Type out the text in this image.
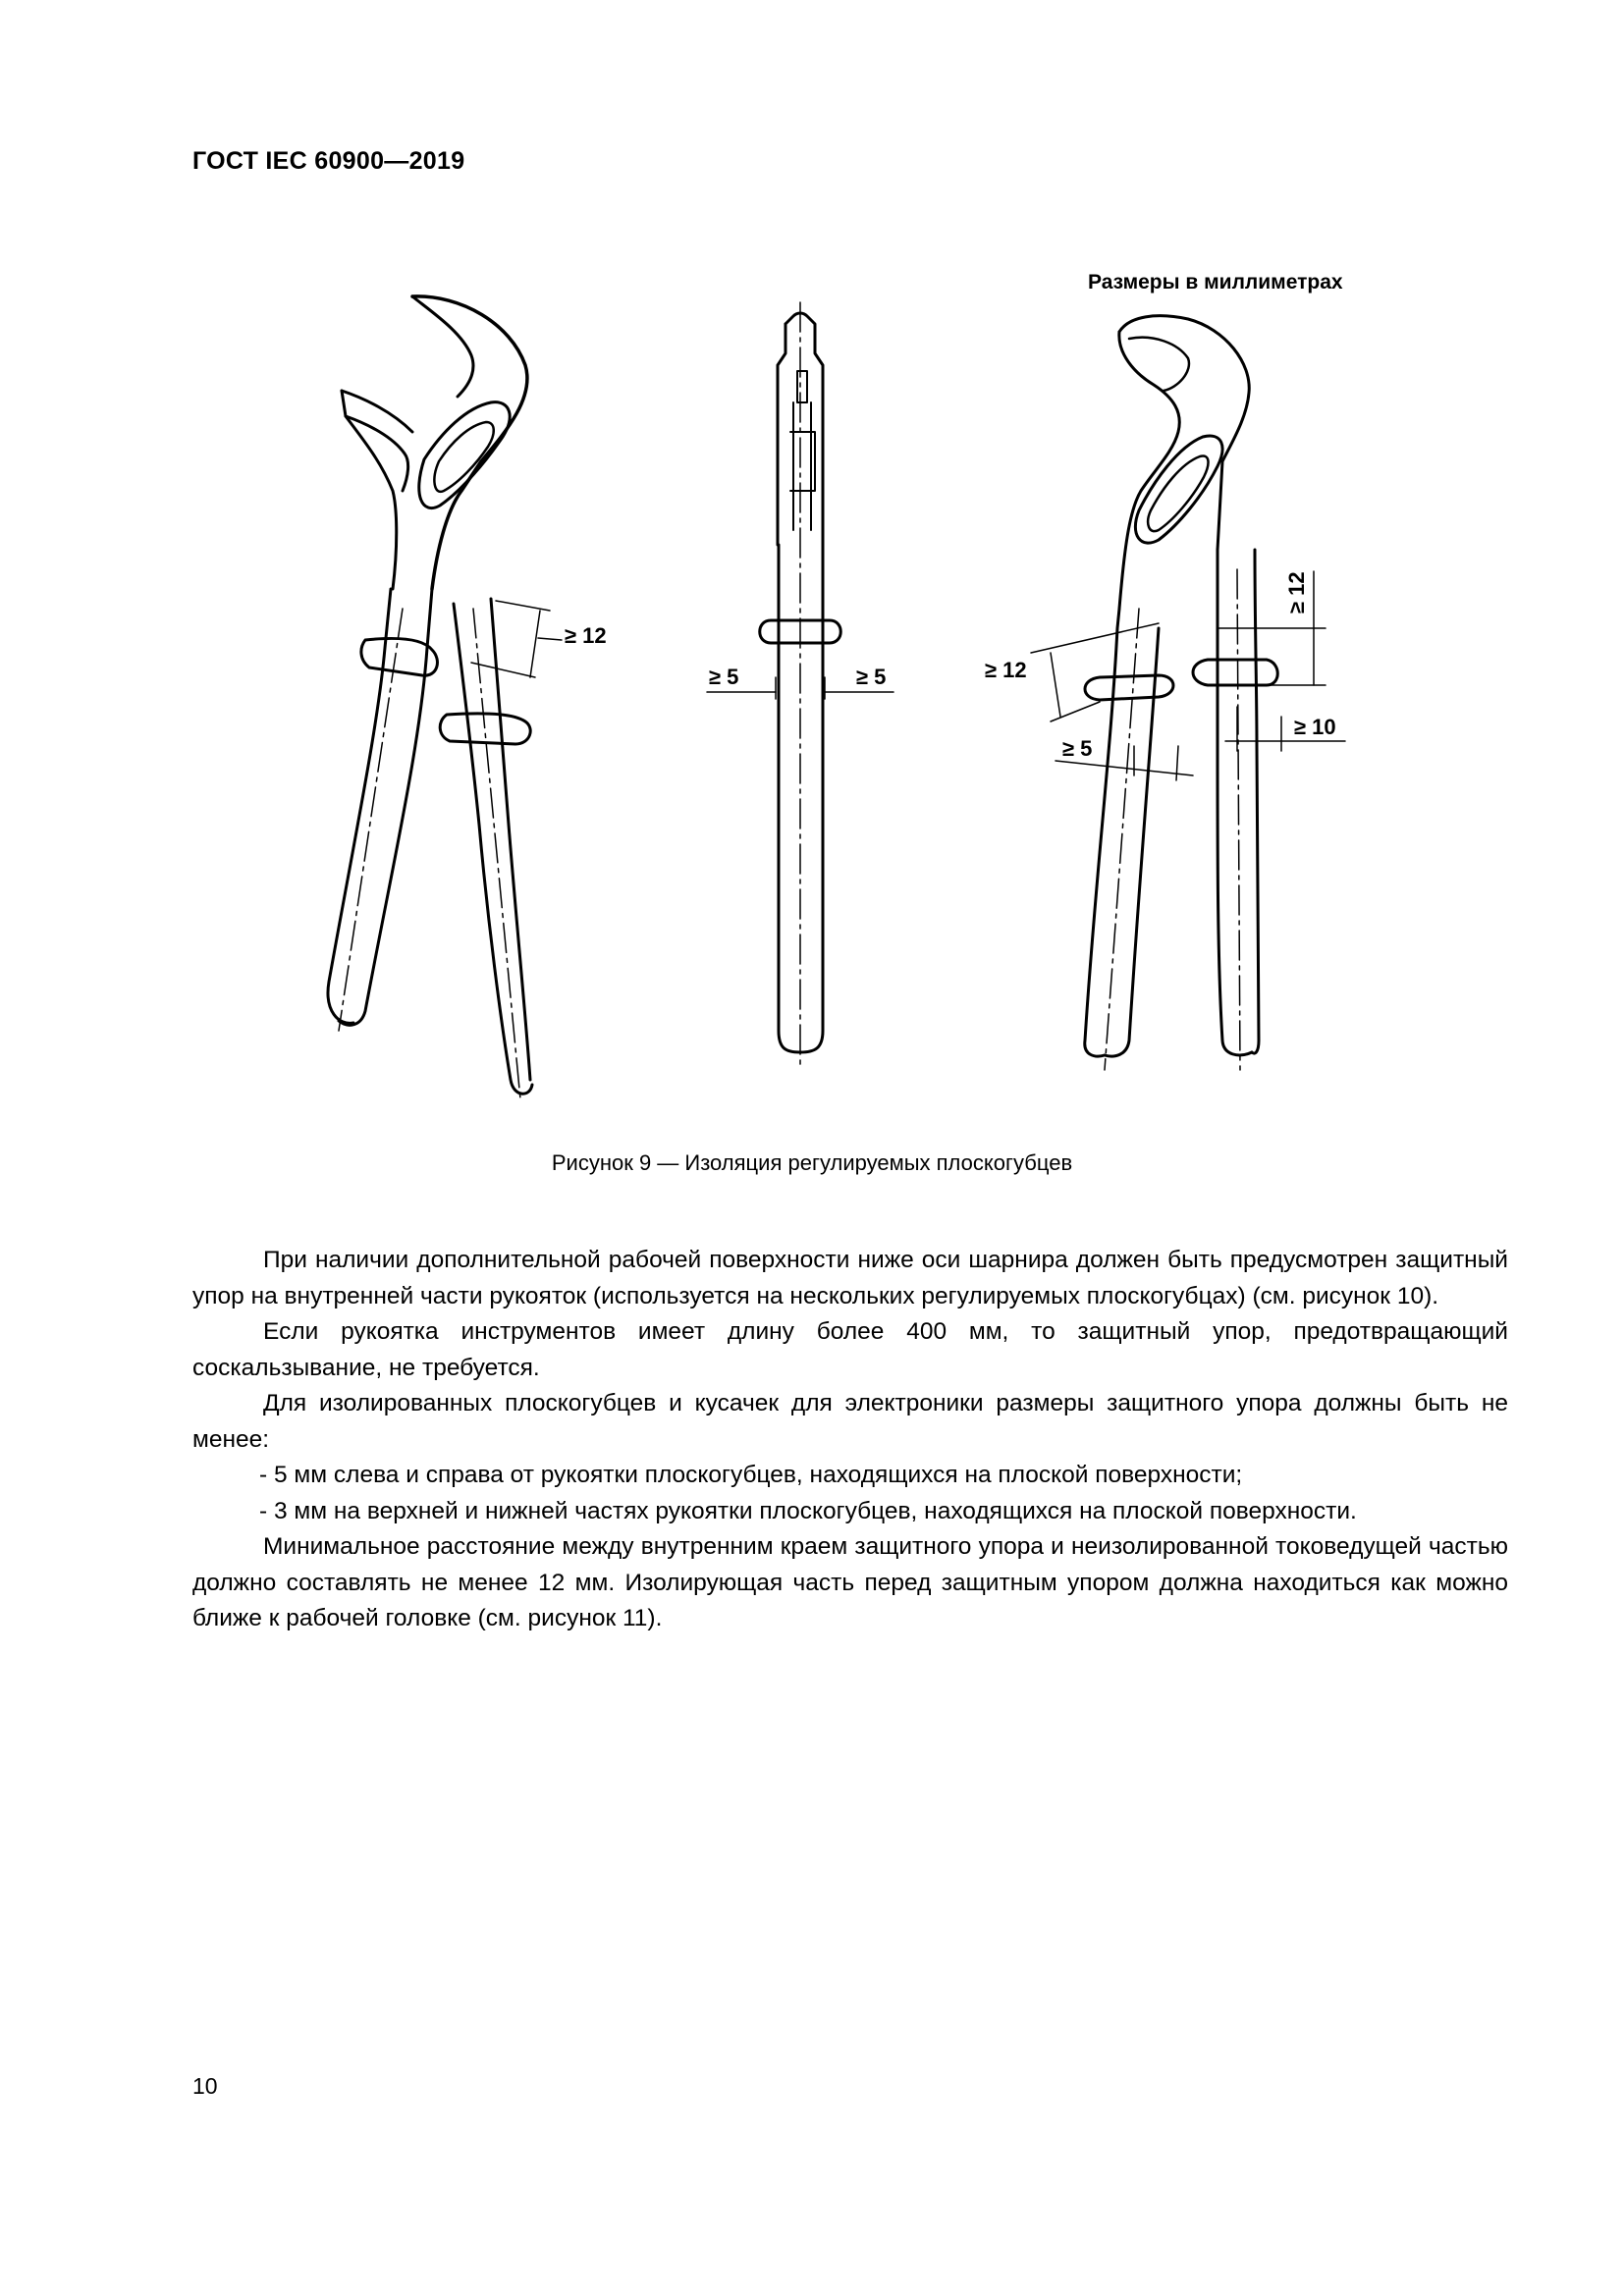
ГОСТ IEC 60900—2019
Размеры в миллиметрах
≥ 12
≥ 5	≥ 5
≥ 12
≥ 12
≥ 10
≥ 5
Рисунок 9 — Изоляция регулируемых плоскогубцев

При наличии дополнительной рабочей поверхности ниже оси шарнира должен быть предусмотрен защитный упор на внутренней части рукояток (используется на нескольких регулируемых плоскогубцах) (см. рисунок 10).

Если рукоятка инструментов имеет длину более 400 мм, то защитный упор, предотвращающий соскальзывание, не требуется.

Для изолированных плоскогубцев и кусачек для электроники размеры защитного упора должны быть не менее:

- 5 мм слева и справа от рукоятки плоскогубцев, находящихся на плоской поверхности;

- 3 мм на верхней и нижней частях рукоятки плоскогубцев, находящихся на плоской поверхности.

Минимальное расстояние между внутренним краем защитного упора и неизолированной токоведущей частью должно составлять не менее 12 мм. Изолирующая часть перед защитным упором должна находиться как можно ближе к рабочей головке (см. рисунок 11).

10
